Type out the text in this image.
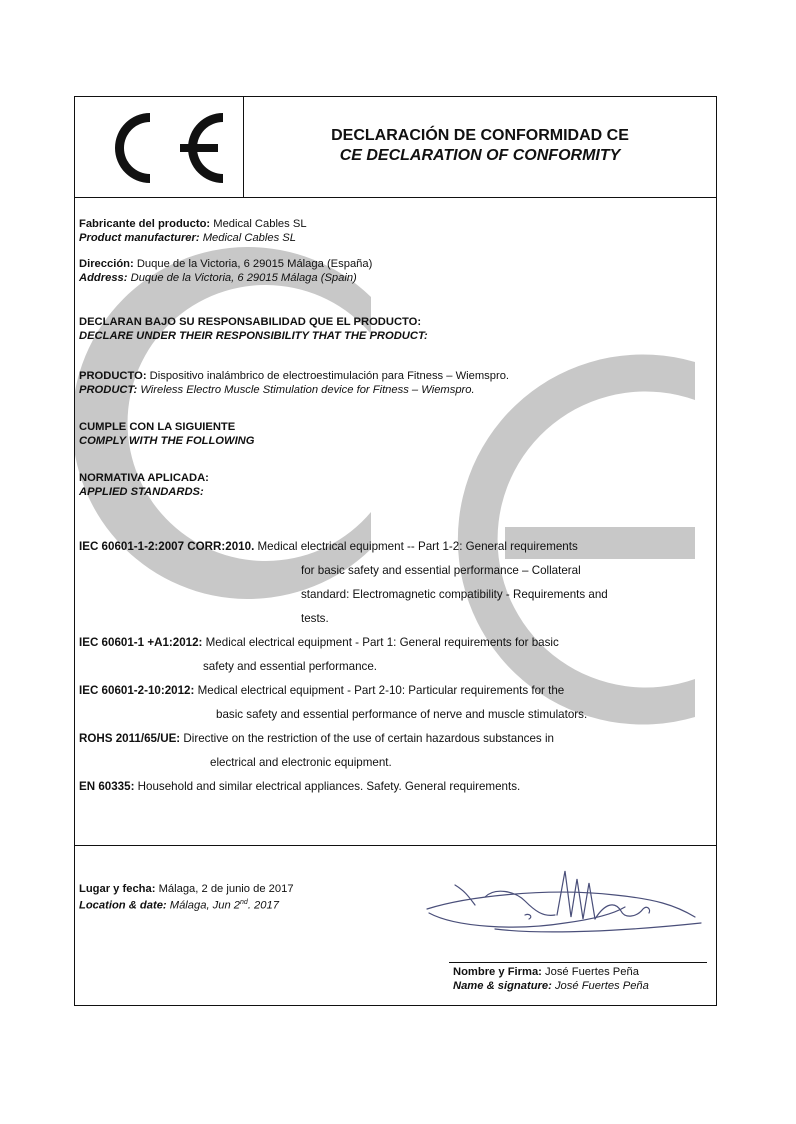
DECLARACIÓN DE CONFORMIDAD CE
CE DECLARATION OF CONFORMITY
Fabricante del producto: Medical Cables SL
Product manufacturer: Medical Cables SL
Dirección: Duque de la Victoria, 6 29015 Málaga (España)
Address: Duque de la Victoria, 6 29015 Málaga (Spain)
DECLARAN BAJO SU RESPONSABILIDAD QUE EL PRODUCTO:
DECLARE UNDER THEIR RESPONSIBILITY THAT THE PRODUCT:
PRODUCTO: Dispositivo inalámbrico de electroestimulación para Fitness – Wiemspro.
PRODUCT: Wireless Electro Muscle Stimulation device for Fitness – Wiemspro.
CUMPLE CON LA SIGUIENTE
COMPLY WITH THE FOLLOWING
NORMATIVA APLICADA:
APPLIED STANDARDS:
IEC 60601-1-2:2007 CORR:2010. Medical electrical equipment -- Part 1-2: General requirements
for basic safety and essential performance – Collateral
standard: Electromagnetic compatibility - Requirements and
tests.
IEC 60601-1 +A1:2012: Medical electrical equipment - Part 1: General requirements for basic
safety and essential performance.
IEC 60601-2-10:2012: Medical electrical equipment - Part 2-10: Particular requirements for the
basic safety and essential performance of nerve and muscle stimulators.
ROHS 2011/65/UE: Directive on the restriction of the use of certain hazardous substances in
electrical and electronic equipment.
EN 60335: Household and similar electrical appliances. Safety. General requirements.
Lugar y fecha: Málaga, 2 de junio de 2017
Location & date: Málaga, Jun 2nd. 2017
Nombre y Firma: José Fuertes Peña
Name & signature: José Fuertes Peña
